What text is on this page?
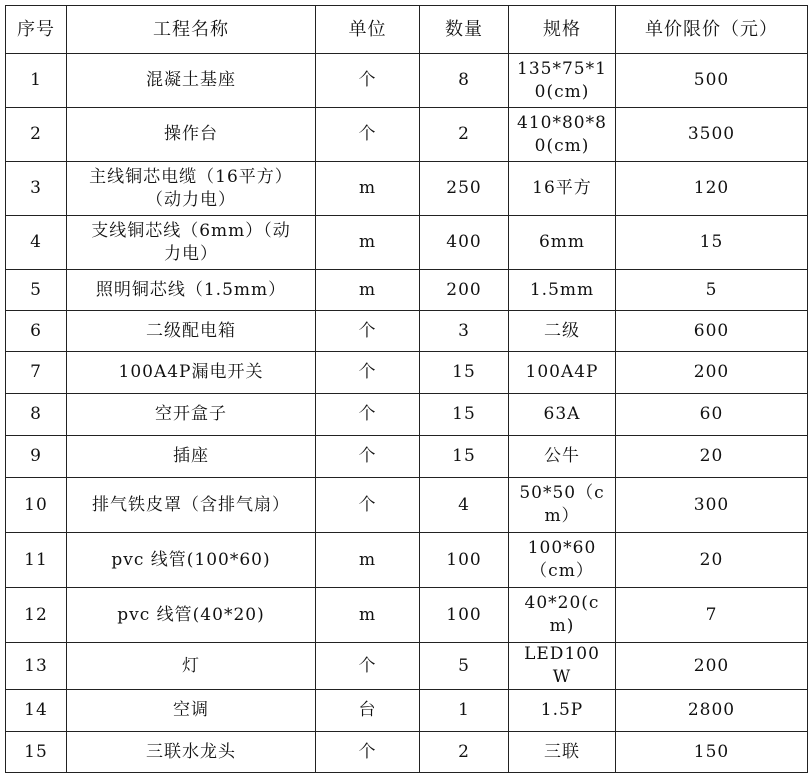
序号	工程名称	单位	数量	规格	单价限价（元）
1	混凝土基座	个	8	135*75*10(cm)	500
2	操作台	个	2	410*80*80(cm)	3500
3	主线铜芯电缆（16平方）（动力电）	m	250	16平方	120
4	支线铜芯线（6mm）（动力电）	m	400	6mm	15
5	照明铜芯线（1.5mm）	m	200	1.5mm	5
6	二级配电箱	个	3	二级	600
7	100A4P漏电开关	个	15	100A4P	200
8	空开盒子	个	15	63A	60
9	插座	个	15	公牛	20
10	排气铁皮罩（含排气扇）	个	4	50*50（cm）	300
11	pvc 线管(100*60)	m	100	100*60（cm）	20
12	pvc 线管(40*20)	m	100	40*20(cm)	7
13	灯	个	5	LED100W	200
14	空调	台	1	1.5P	2800
15	三联水龙头	个	2	三联	150
